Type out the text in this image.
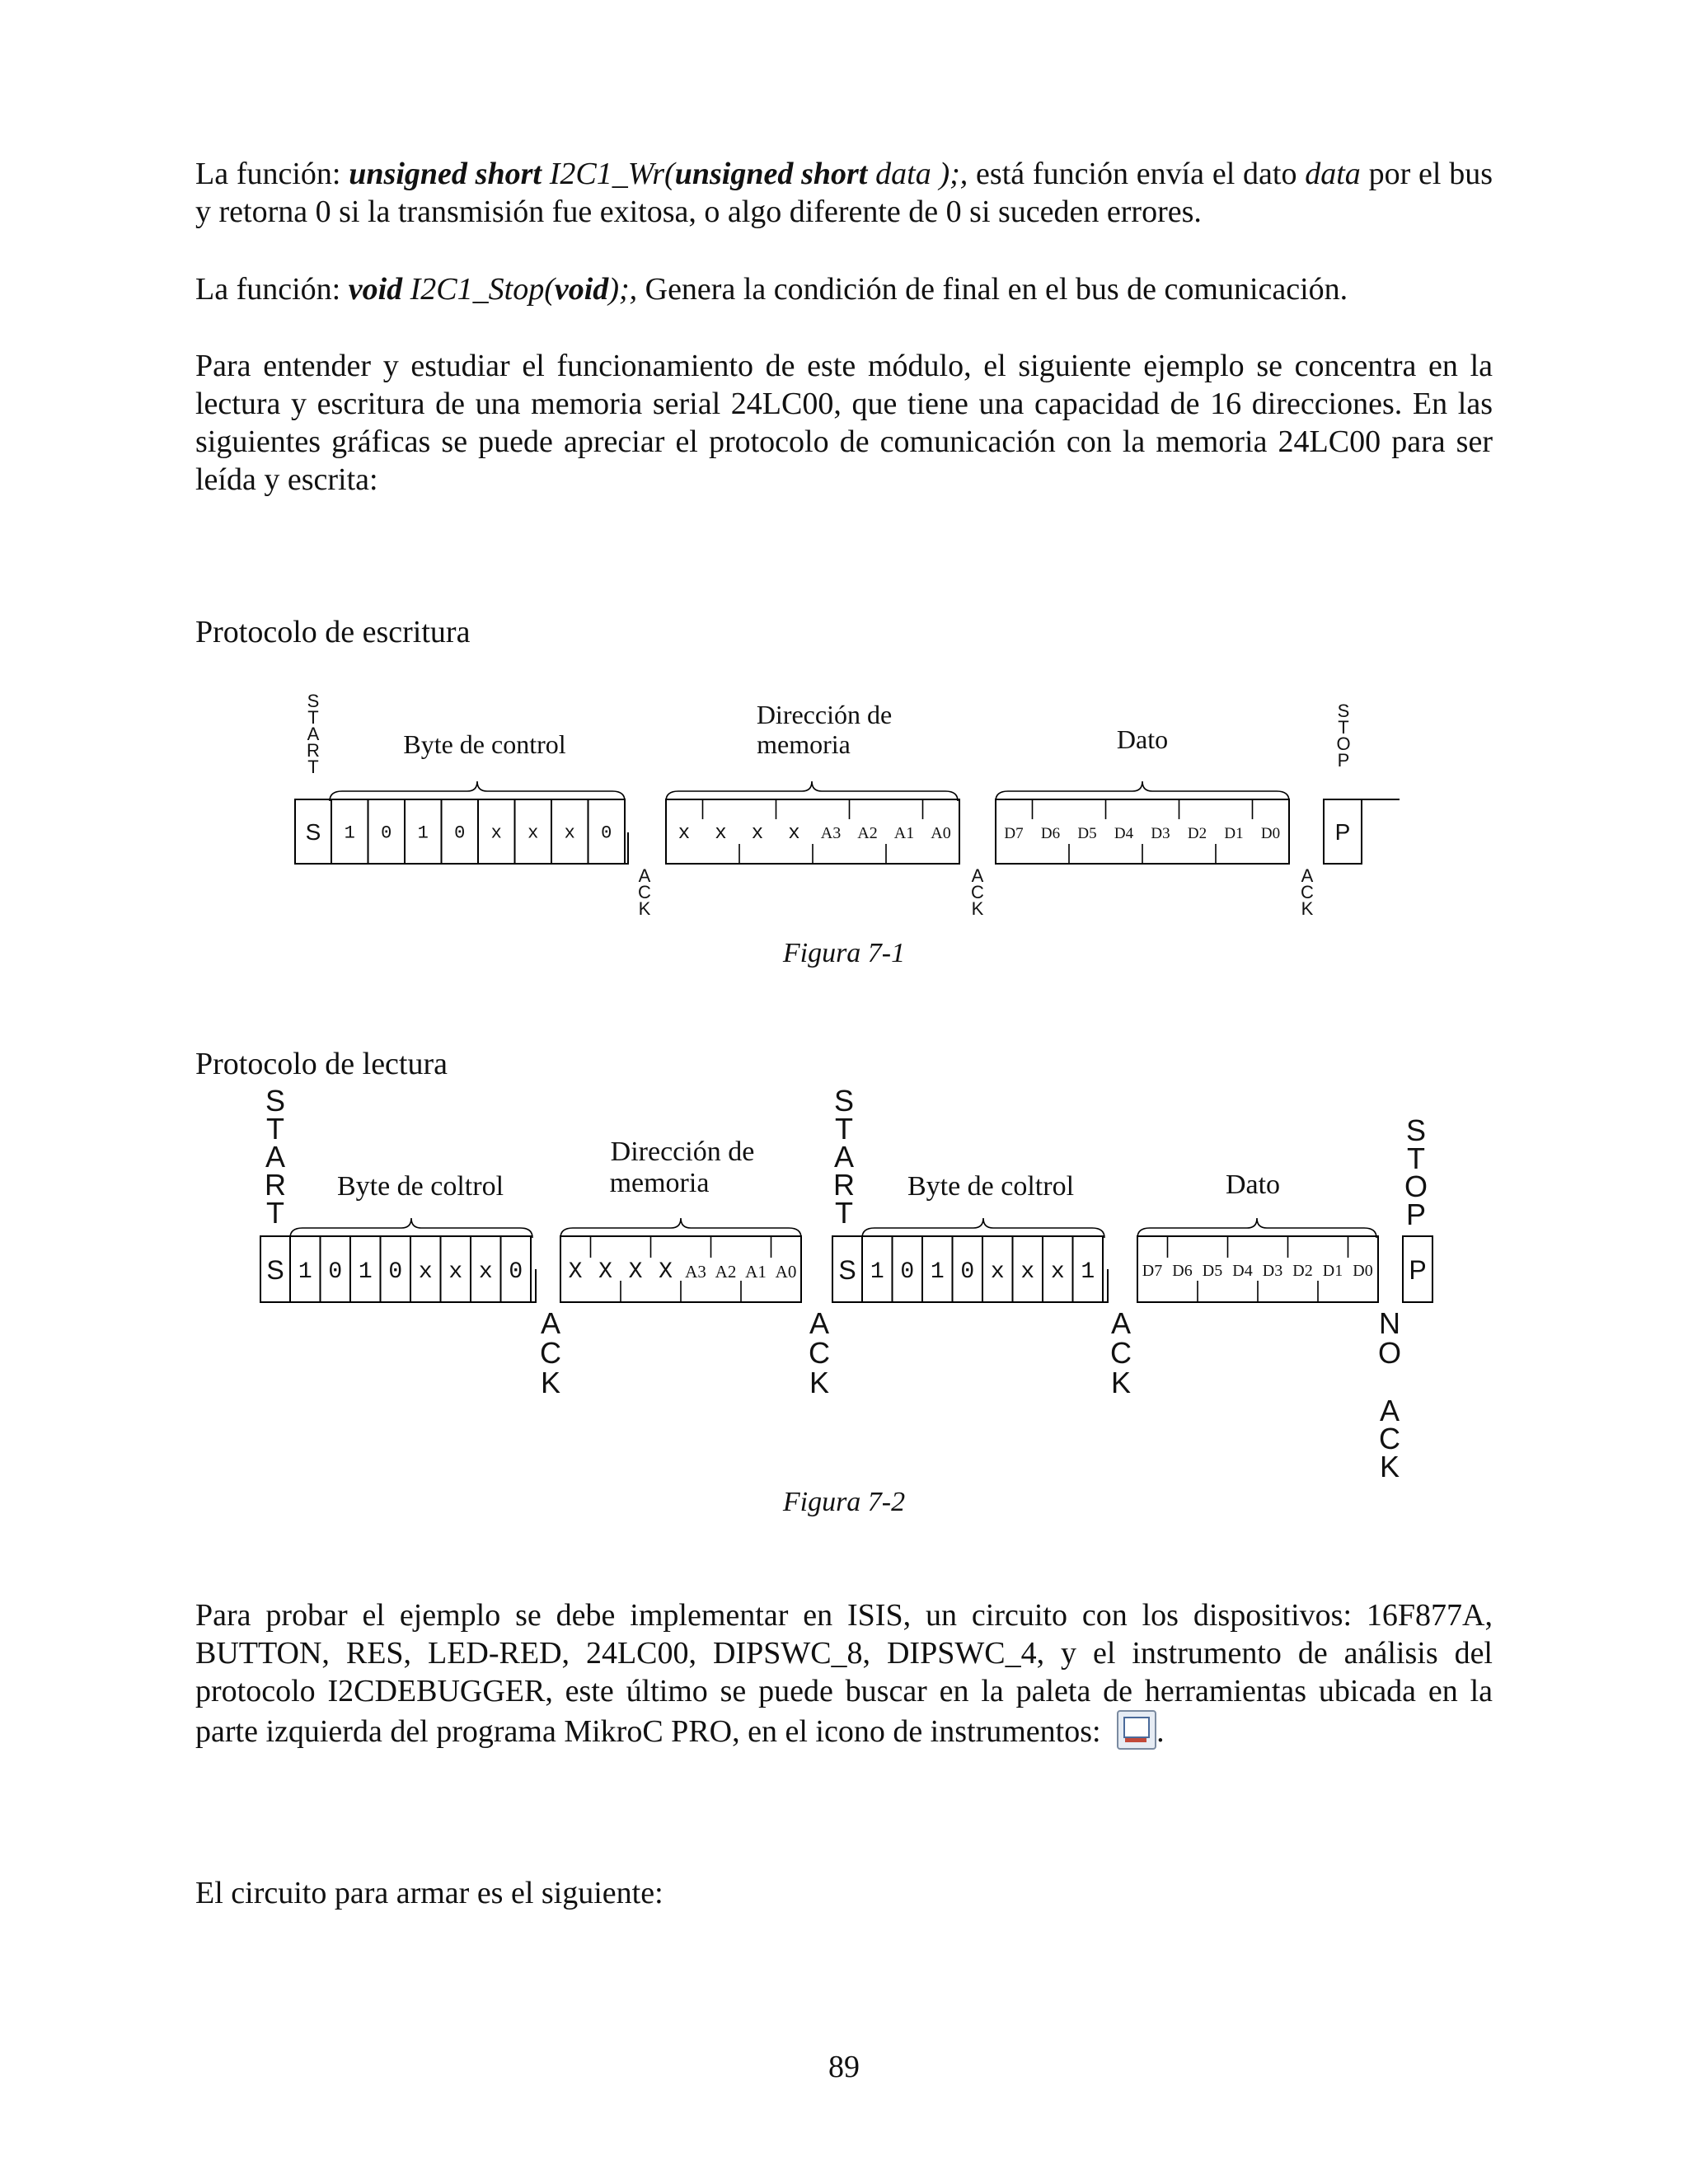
La función: unsigned short I2C1_Wr(unsigned short data );, está función envía el dato data por el bus y retorna 0 si la transmisión fue exitosa, o algo diferente de 0 si suceden errores.

La función: void I2C1_Stop(void);, Genera la condición de final en el bus de comunicación.

Para entender y estudiar el funcionamiento de este módulo, el siguiente ejemplo se concentra en la lectura y escritura de una memoria serial 24LC00, que tiene una capacidad de 16 direcciones. En las siguientes gráficas se puede apreciar el protocolo de comunicación con la memoria 24LC00 para ser leída y escrita:

Protocolo de escritura
S
T
A
R
T
S
T
O
P
Byte de control
Dirección de
memoria	Dato
S 1 0 1 0 x x x 0	x x x x A3 A2 A1 A0	D7 D6 D5 D4 D3 D2 D1 D0 P
A
C
K
A
C
K
A
C
K
Figura 7-1
Protocolo de lectura
S
T
A
R
T
S
T
A
R
T
S
T
O
P
Byte de coltrol
Dirección de
memoria	Byte de coltrol	Dato
S 1 0 1 0 x x x 0 X X X X A3 A2 A1 A0 S 1 0 1 0 x x x 1	D7 D6 D5 D4 D3 D2 D1 D0 P
A
C
K
A
C
K
A
C
K
N
O
A
C
K
Figura 7-2

Para probar el ejemplo se debe implementar en ISIS, un circuito con los dispositivos: 16F877A, BUTTON, RES, LED-RED, 24LC00, DIPSWC_8, DIPSWC_4, y el instrumento de análisis del protocolo I2CDEBUGGER, este último se puede buscar en la paleta de herramientas ubicada en la parte izquierda del programa MikroC PRO, en el icono de instrumentos:
.

El circuito para armar es el siguiente:

89
